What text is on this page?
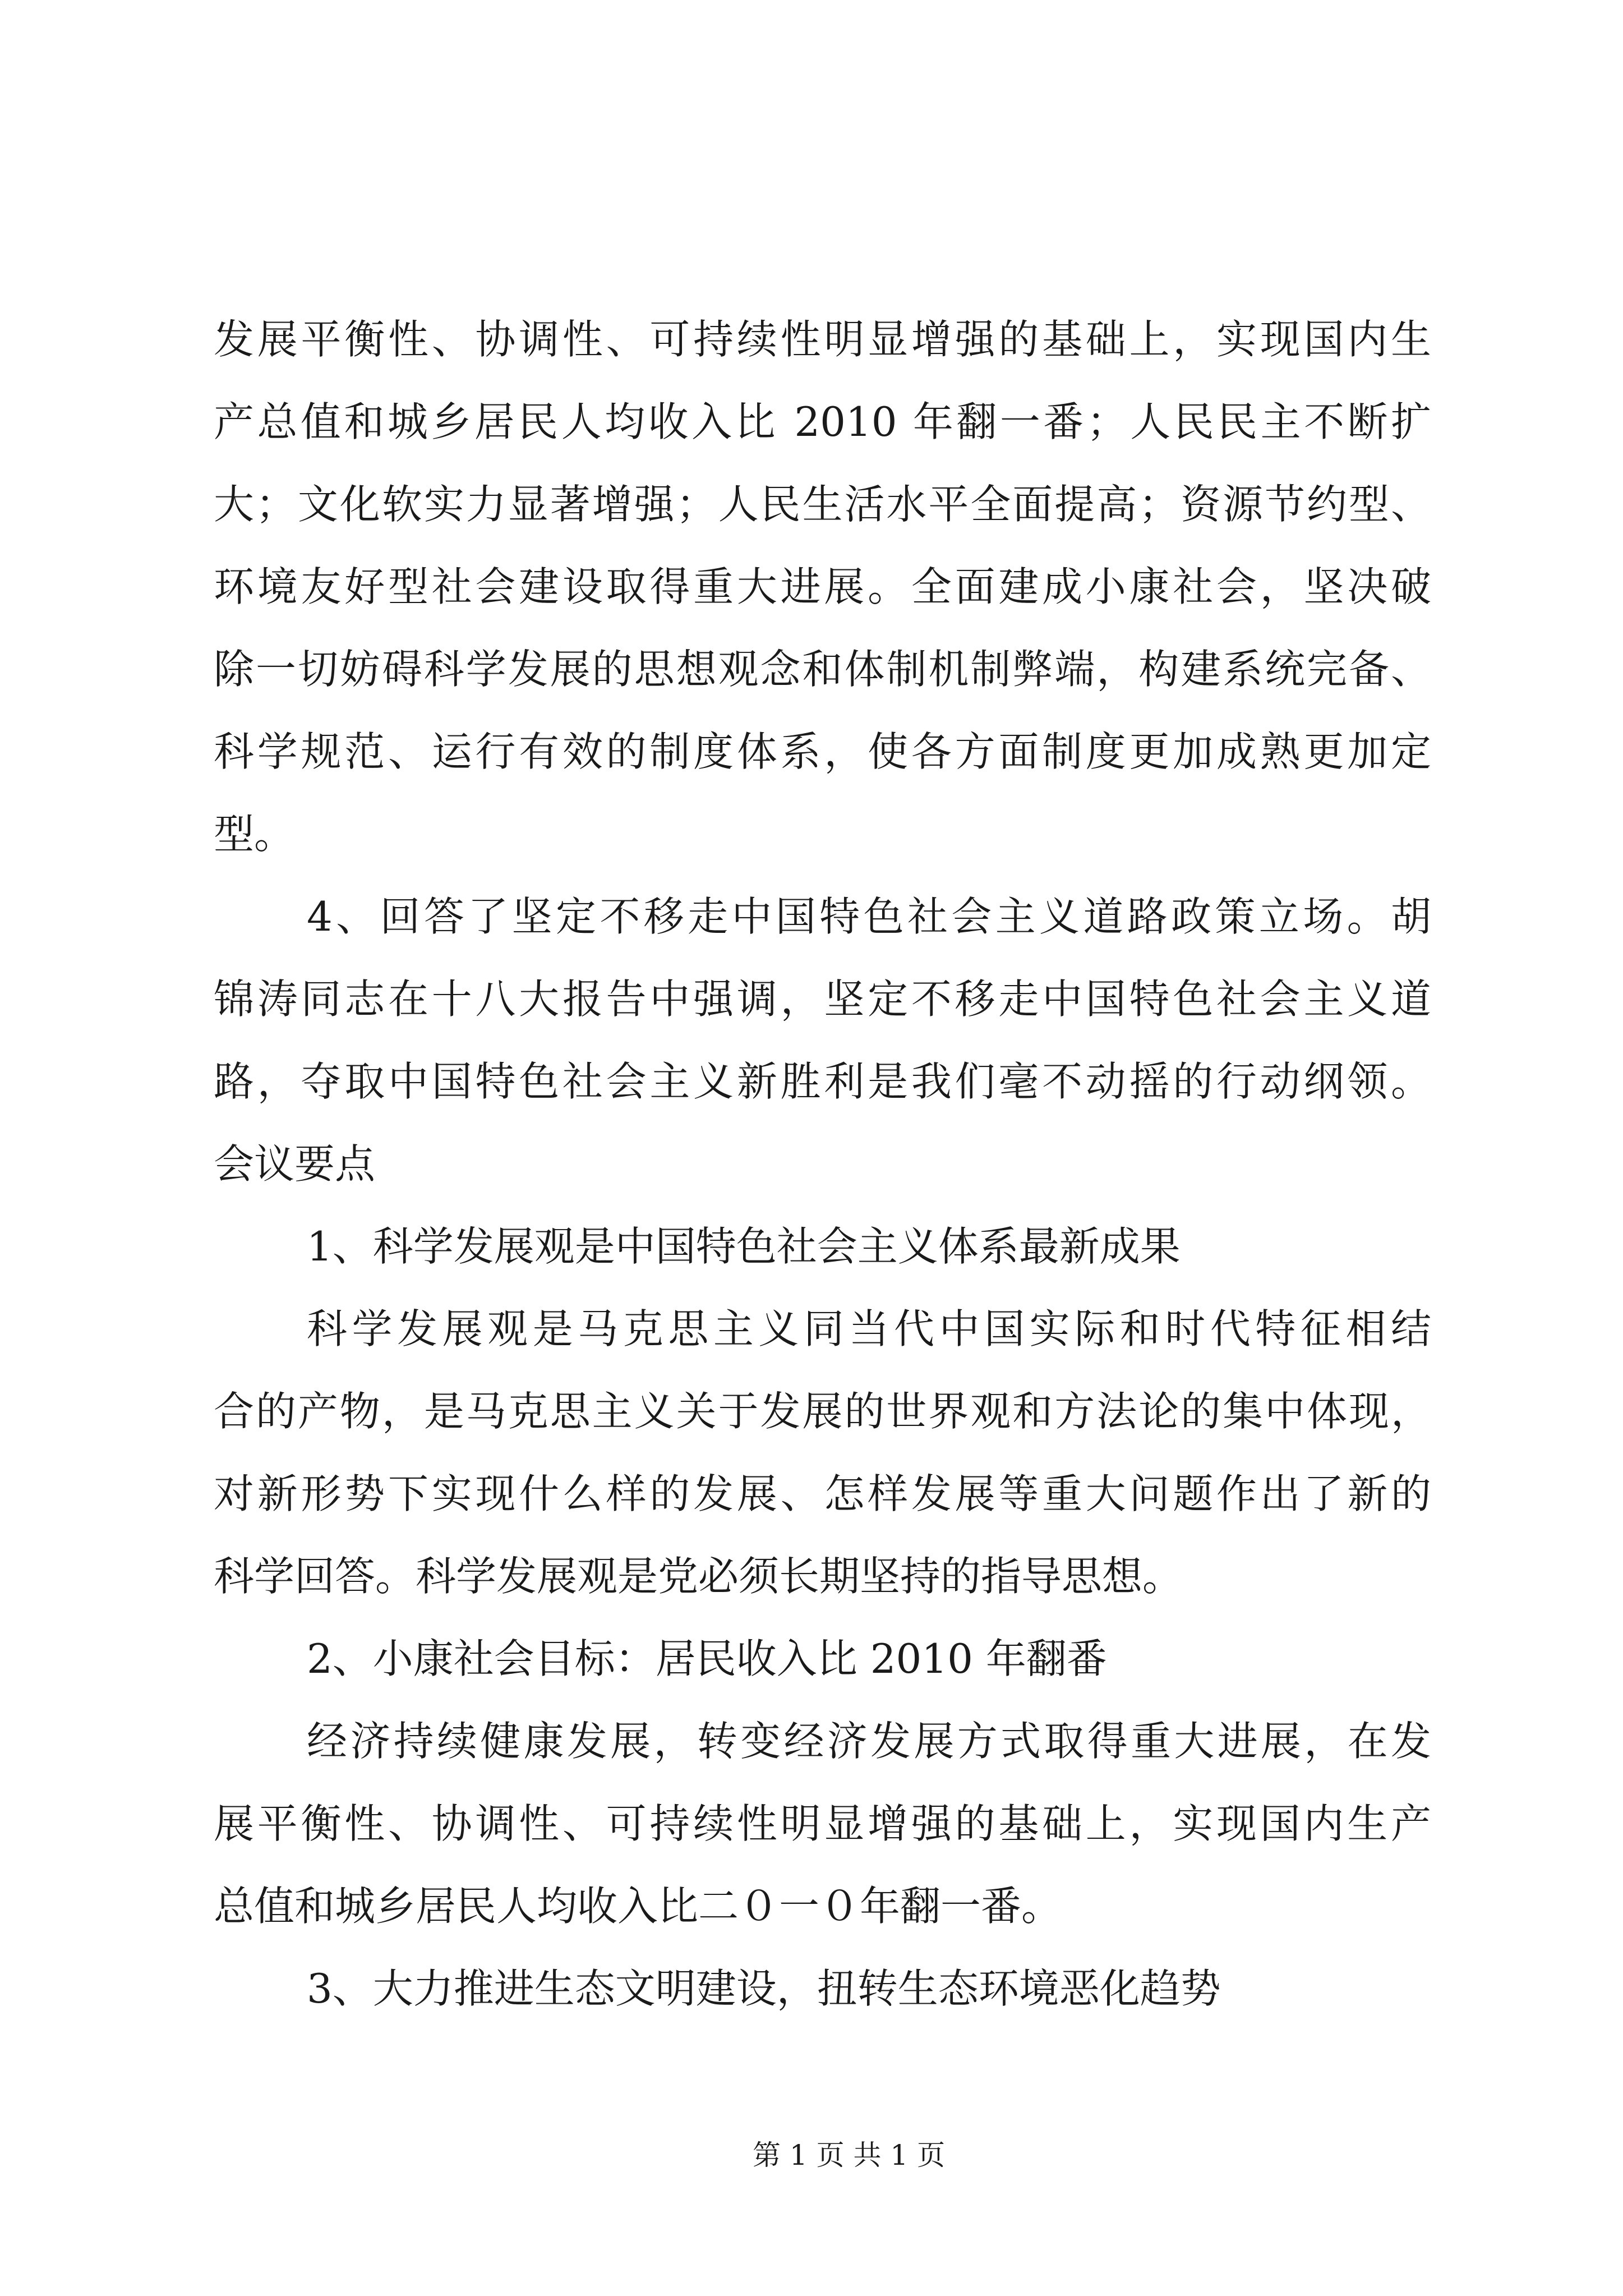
发展平衡性、协调性、可持续性明显增强的基础上，实现国内生
产总值和城乡居民人均收入比 2010 年翻一番；人民民主不断扩
大；文化软实力显著增强；人民生活水平全面提高；资源节约型、
环境友好型社会建设取得重大进展。全面建成小康社会，坚决破
除一切妨碍科学发展的思想观念和体制机制弊端，构建系统完备、
科学规范、运行有效的制度体系，使各方面制度更加成熟更加定
型。
4、回答了坚定不移走中国特色社会主义道路政策立场。胡
锦涛同志在十八大报告中强调，坚定不移走中国特色社会主义道
路，夺取中国特色社会主义新胜利是我们毫不动摇的行动纲领。
会议要点
1、科学发展观是中国特色社会主义体系最新成果
科学发展观是马克思主义同当代中国实际和时代特征相结
合的产物，是马克思主义关于发展的世界观和方法论的集中体现，
对新形势下实现什么样的发展、怎样发展等重大问题作出了新的
科学回答。科学发展观是党必须长期坚持的指导思想。
2、小康社会目标：居民收入比 2010 年翻番
经济持续健康发展，转变经济发展方式取得重大进展，在发
展平衡性、协调性、可持续性明显增强的基础上，实现国内生产
总值和城乡居民人均收入比二０一０年翻一番。
3、大力推进生态文明建设，扭转生态环境恶化趋势
第 1 页 共 1 页
